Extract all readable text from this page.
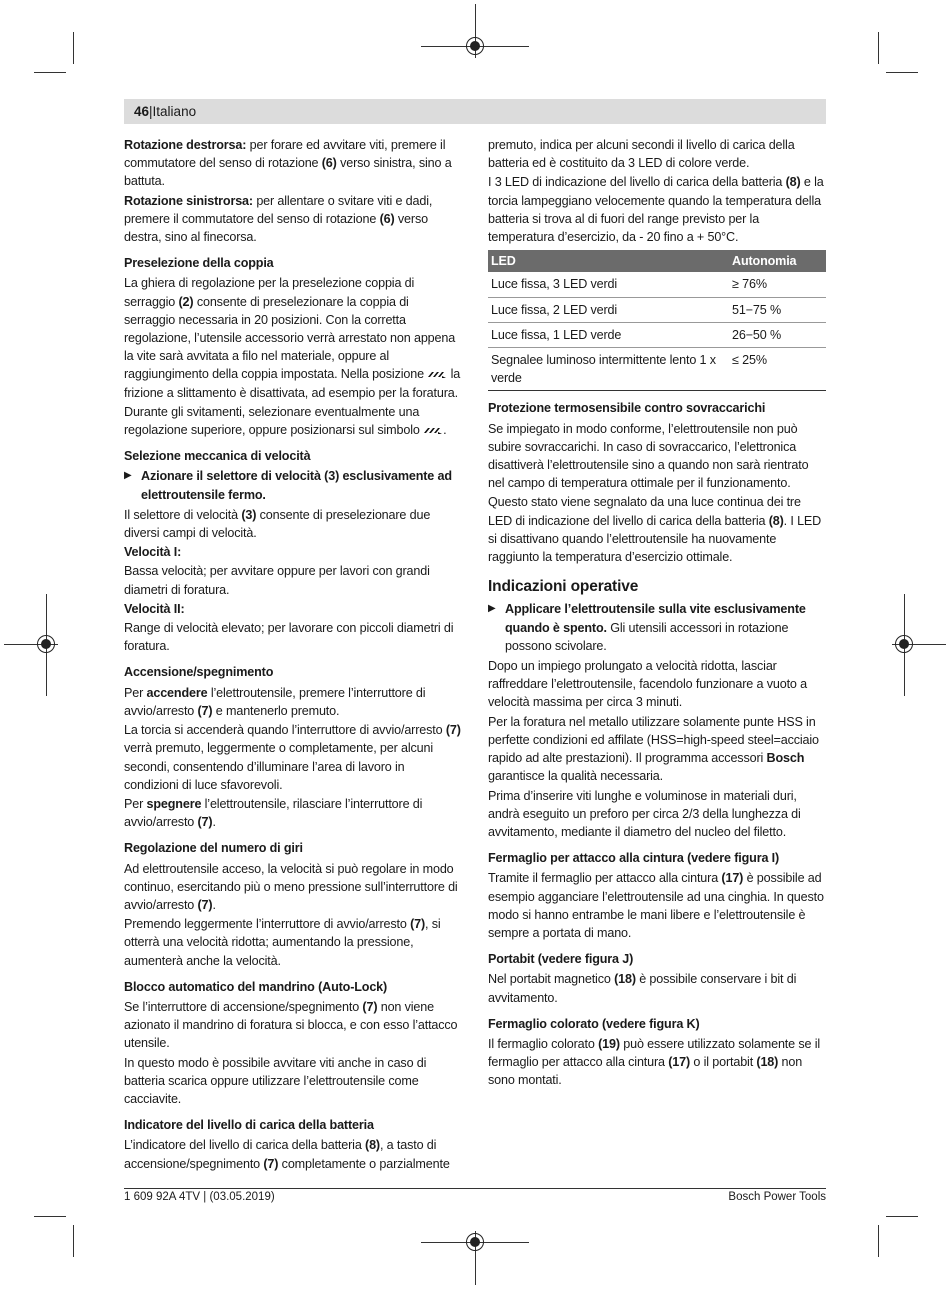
46|Italiano

Rotazione destrorsa: per forare ed avvitare viti, premere il commutatore del senso di rotazione (6) verso sinistra, sino a battuta.

Rotazione sinistrorsa: per allentare o svitare viti e dadi, premere il commutatore del senso di rotazione (6) verso destra, sino al finecorsa.

Preselezione della coppia

La ghiera di regolazione per la preselezione coppia di serraggio (2) consente di preselezionare la coppia di serraggio necessaria in 20 posizioni. Con la corretta regolazione, l’utensile accessorio verrà arrestato non appena la vite sarà avvitata a filo nel materiale, oppure al raggiungimento della coppia impostata. Nella posizione  la frizione a slittamento è disattivata, ad esempio per la foratura.

Durante gli svitamenti, selezionare eventualmente una regolazione superiore, oppure posizionarsi sul simbolo .

Selezione meccanica di velocità

▶ Azionare il selettore di velocità (3) esclusivamente ad elettroutensile fermo.

Il selettore di velocità (3) consente di preselezionare due diversi campi di velocità.

Velocità I:

Bassa velocità; per avvitare oppure per lavori con grandi diametri di foratura.

Velocità II:

Range di velocità elevato; per lavorare con piccoli diametri di foratura.

Accensione/spegnimento

Per accendere l’elettroutensile, premere l’interruttore di avvio/arresto (7) e mantenerlo premuto.

La torcia si accenderà quando l’interruttore di avvio/arresto (7) verrà premuto, leggermente o completamente, per alcuni secondi, consentendo d’illuminare l’area di lavoro in condizioni di luce sfavorevoli.

Per spegnere l’elettroutensile, rilasciare l’interruttore di avvio/arresto (7).

Regolazione del numero di giri

Ad elettroutensile acceso, la velocità si può regolare in modo continuo, esercitando più o meno pressione sull’interruttore di avvio/arresto (7).

Premendo leggermente l’interruttore di avvio/arresto (7), si otterrà una velocità ridotta; aumentando la pressione, aumenterà anche la velocità.

Blocco automatico del mandrino (Auto-Lock)

Se l’interruttore di accensione/spegnimento (7) non viene azionato il mandrino di foratura si blocca, e con esso l’attacco utensile.

In questo modo è possibile avvitare viti anche in caso di batteria scarica oppure utilizzare l’elettroutensile come cacciavite.

Indicatore del livello di carica della batteria

L’indicatore del livello di carica della batteria (8), a tasto di accensione/spegnimento (7) completamente o parzialmente

premuto, indica per alcuni secondi il livello di carica della batteria ed è costituito da 3 LED di colore verde.

I 3 LED di indicazione del livello di carica della batteria (8) e la torcia lampeggiano velocemente quando la temperatura della batteria si trova al di fuori del range previsto per la temperatura d’esercizio, da - 20 fino a + 50°C.

LED	Autonomia
Luce fissa, 3 LED verdi	≥ 76%
Luce fissa, 2 LED verdi	51−75 %
Luce fissa, 1 LED verde	26−50 %
Segnalee luminoso intermittente lento 1 x verde	≤ 25%
Protezione termosensibile contro sovraccarichi

Se impiegato in modo conforme, l’elettroutensile non può subire sovraccarichi. In caso di sovraccarico, l’elettronica disattiverà l’elettroutensile sino a quando non sarà rientrato nel campo di temperatura ottimale per il funzionamento.

Questo stato viene segnalato da una luce continua dei tre LED di indicazione del livello di carica della batteria (8). I LED si disattivano quando l’elettroutensile ha nuovamente raggiunto la temperatura d’esercizio ottimale.

Indicazioni operative

▶ Applicare l’elettroutensile sulla vite esclusivamente quando è spento. Gli utensili accessori in rotazione possono scivolare.

Dopo un impiego prolungato a velocità ridotta, lasciar raffreddare l’elettroutensile, facendolo funzionare a vuoto a velocità massima per circa 3 minuti.

Per la foratura nel metallo utilizzare solamente punte HSS in perfette condizioni ed affilate (HSS=high-speed steel=acciaio rapido ad alte prestazioni). Il programma accessori Bosch garantisce la qualità necessaria.

Prima d’inserire viti lunghe e voluminose in materiali duri, andrà eseguito un preforo per circa 2/3 della lunghezza di avvitamento, mediante il diametro del nucleo del filetto.

Fermaglio per attacco alla cintura (vedere figura I)

Tramite il fermaglio per attacco alla cintura (17) è possibile ad esempio agganciare l’elettroutensile ad una cinghia. In questo modo si hanno entrambe le mani libere e l’elettroutensile è sempre a portata di mano.

Portabit (vedere figura J)

Nel portabit magnetico (18) è possibile conservare i bit di avvitamento.

Fermaglio colorato (vedere figura K)

Il fermaglio colorato (19) può essere utilizzato solamente se il fermaglio per attacco alla cintura (17) o il portabit (18) non sono montati.

1 609 92A 4TV | (03.05.2019)	Bosch Power Tools
